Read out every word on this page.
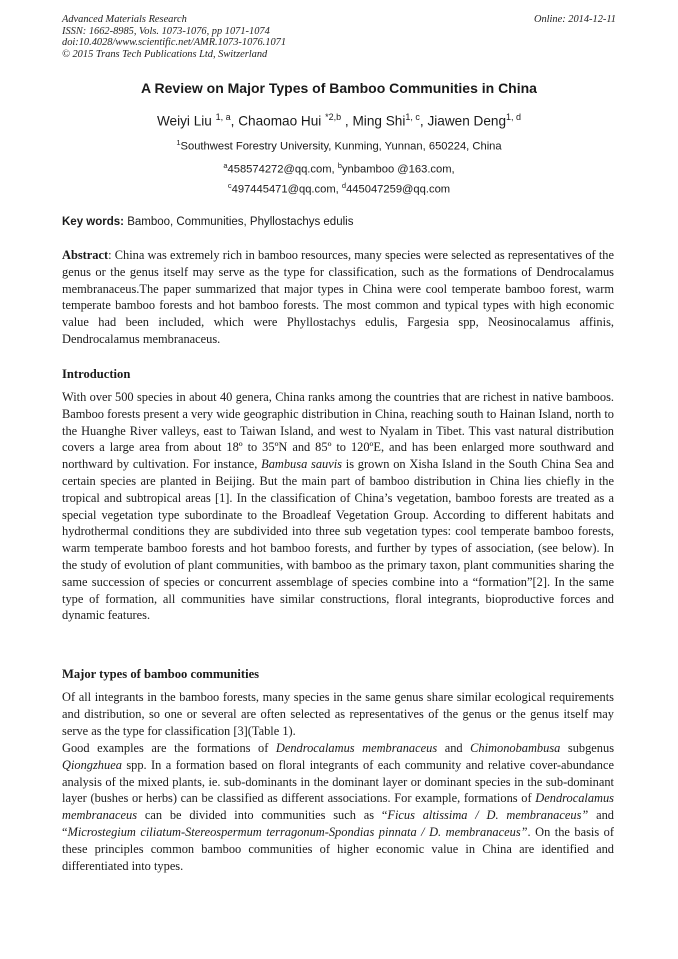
Advanced Materials Research
ISSN: 1662-8985, Vols. 1073-1076, pp 1071-1074
doi:10.4028/www.scientific.net/AMR.1073-1076.1071
© 2015 Trans Tech Publications Ltd, Switzerland
Online: 2014-12-11
A Review on Major Types of Bamboo Communities in China
Weiyi Liu $^{1, a}$, Chaomao Hui $^{*2,b}$ , Ming Shi$^{1, c}$, Jiawen Deng$^{1, d}$
$^1$Southwest Forestry University, Kunming, Yunnan, 650224, China
$^a$458574272@qq.com, $^b$ynbamboo @163.com,
$^c$497445471@qq.com, $^d$445047259@qq.com
Key words: Bamboo, Communities, Phyllostachys edulis
Abstract: China was extremely rich in bamboo resources, many species were selected as representatives of the genus or the genus itself may serve as the type for classification, such as the formations of Dendrocalamus membranaceus.The paper summarized that major types in China were cool temperate bamboo forest, warm temperate bamboo forests and hot bamboo forests. The most common and typical types with high economic value had been included, which were Phyllostachys edulis, Fargesia spp, Neosinocalamus affinis, Dendrocalamus membranaceus.
Introduction
With over 500 species in about 40 genera, China ranks among the countries that are richest in native bamboos. Bamboo forests present a very wide geographic distribution in China, reaching south to Hainan Island, north to the Huanghe River valleys, east to Taiwan Island, and west to Nyalam in Tibet. This vast natural distribution covers a large area from about 18º to 35ºN and 85º to 120ºE, and has been enlarged more southward and northward by cultivation. For instance, Bambusa sauvis is grown on Xisha Island in the South China Sea and certain species are planted in Beijing. But the main part of bamboo distribution in China lies chiefly in the tropical and subtropical areas [1]. In the classification of China’s vegetation, bamboo forests are treated as a special vegetation type subordinate to the Broadleaf Vegetation Group. According to different habitats and hydrothermal conditions they are subdivided into three sub vegetation types: cool temperate bamboo forests, warm temperate bamboo forests and hot bamboo forests, and further by types of association, (see below). In the study of evolution of plant communities, with bamboo as the primary taxon, plant communities sharing the same succession of species or concurrent assemblage of species combine into a “formation”[2]. In the same type of formation, all communities have similar constructions, floral integrants, bioproductive forces and dynamic features.
Major types of bamboo communities
Of all integrants in the bamboo forests, many species in the same genus share similar ecological requirements and distribution, so one or several are often selected as representatives of the genus or the genus itself may serve as the type for classification [3](Table 1).
Good examples are the formations of Dendrocalamus membranaceus and Chimonobambusa subgenus Qiongzhuea spp. In a formation based on floral integrants of each community and relative cover-abundance analysis of the mixed plants, ie. sub-dominants in the dominant layer or dominant species in the sub-dominant layer (bushes or herbs) can be classified as different associations. For example, formations of Dendrocalamus membranaceus can be divided into communities such as “Ficus altissima / D. membranaceus” and “Microstegium ciliatum-Stereospermum terragonum-Spondias pinnata / D. membranaceus”. On the basis of these principles common bamboo communities of higher economic value in China are identified and differentiated into types.
